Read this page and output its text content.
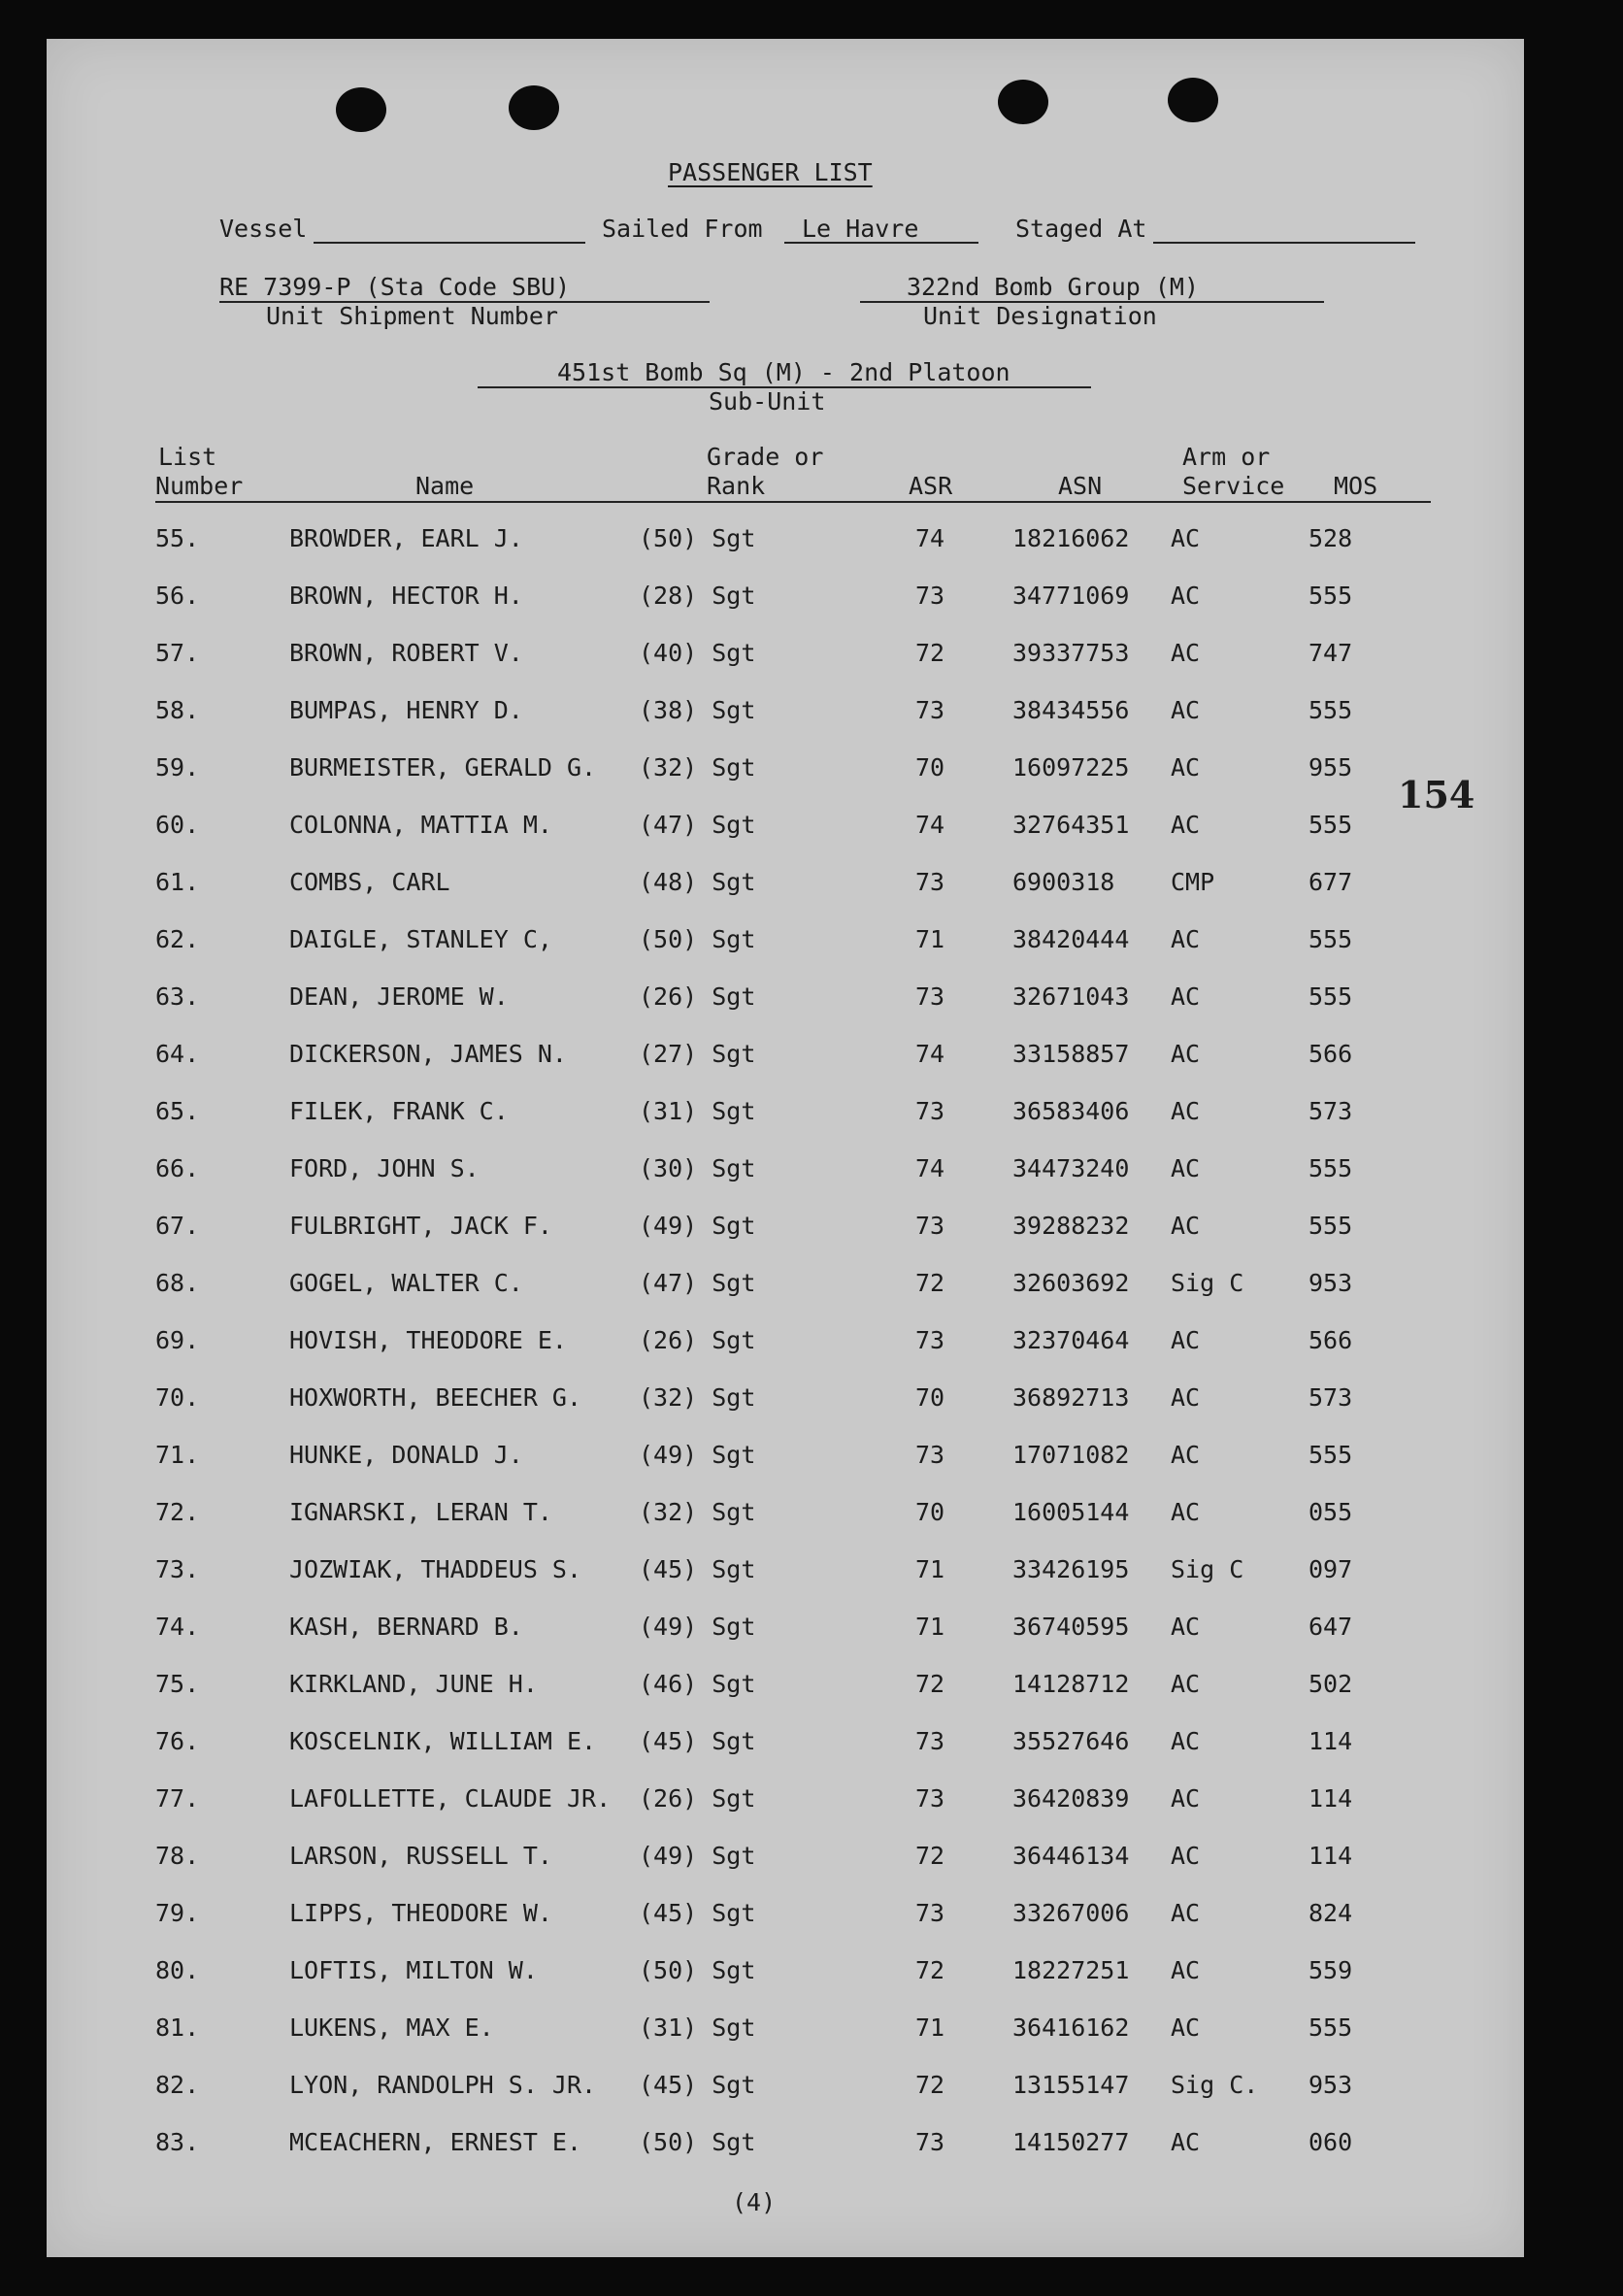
PASSENGER LIST
Vessel	Sailed From Le Havre	Staged At
RE 7399-P (Sta Code SBU)
Unit Shipment Number
322nd Bomb Group (M)
Unit Designation
451st Bomb Sq (M) - 2nd Platoon
Sub-Unit
154
List
Number	Name
Grade or
Rank	ASR	ASN
Arm or
Service MOS
55.	BROWDER, EARL J.	(50) Sgt	74	18216062 AC	528
56.	BROWN, HECTOR H.	(28) Sgt	73	34771069 AC	555
57.	BROWN, ROBERT V.	(40) Sgt	72	39337753 AC	747
58.	BUMPAS, HENRY D.	(38) Sgt	73	38434556 AC	555
59.	BURMEISTER, GERALD G. (32) Sgt	70	16097225 AC	955
60.	COLONNA, MATTIA M.	(47) Sgt	74	32764351 AC	555
61.	COMBS, CARL	(48) Sgt	73	6900318 CMP	677
62.	DAIGLE, STANLEY C,	(50) Sgt	71	38420444 AC	555
63.	DEAN, JEROME W.	(26) Sgt	73	32671043 AC	555
64.	DICKERSON, JAMES N.	(27) Sgt	74	33158857 AC	566
65.	FILEK, FRANK C.	(31) Sgt	73	36583406 AC	573
66.	FORD, JOHN S.	(30) Sgt	74	34473240 AC	555
67.	FULBRIGHT, JACK F.	(49) Sgt	73	39288232 AC	555
68.	GOGEL, WALTER C.	(47) Sgt	72	32603692 Sig C	953
69.	HOVISH, THEODORE E.	(26) Sgt	73	32370464 AC	566
70.	HOXWORTH, BEECHER G. (32) Sgt	70	36892713 AC	573
71.	HUNKE, DONALD J.	(49) Sgt	73	17071082 AC	555
72.	IGNARSKI, LERAN T.	(32) Sgt	70	16005144 AC	055
73.	JOZWIAK, THADDEUS S. (45) Sgt	71	33426195 Sig C	097
74.	KASH, BERNARD B.	(49) Sgt	71	36740595 AC	647
75.	KIRKLAND, JUNE H.	(46) Sgt	72	14128712 AC	502
76.	KOSCELNIK, WILLIAM E. (45) Sgt	73	35527646 AC	114
77.	LAFOLLETTE, CLAUDE JR. (26) Sgt	73	36420839 AC	114
78.	LARSON, RUSSELL T.	(49) Sgt	72	36446134 AC	114
79.	LIPPS, THEODORE W.	(45) Sgt	73	33267006 AC	824
80.	LOFTIS, MILTON W.	(50) Sgt	72	18227251 AC	559
81.	LUKENS, MAX E.	(31) Sgt	71	36416162 AC	555
82.	LYON, RANDOLPH S. JR. (45) Sgt	72	13155147 Sig C. 953
83.	MCEACHERN, ERNEST E. (50) Sgt	73	14150277 AC	060
(4)
